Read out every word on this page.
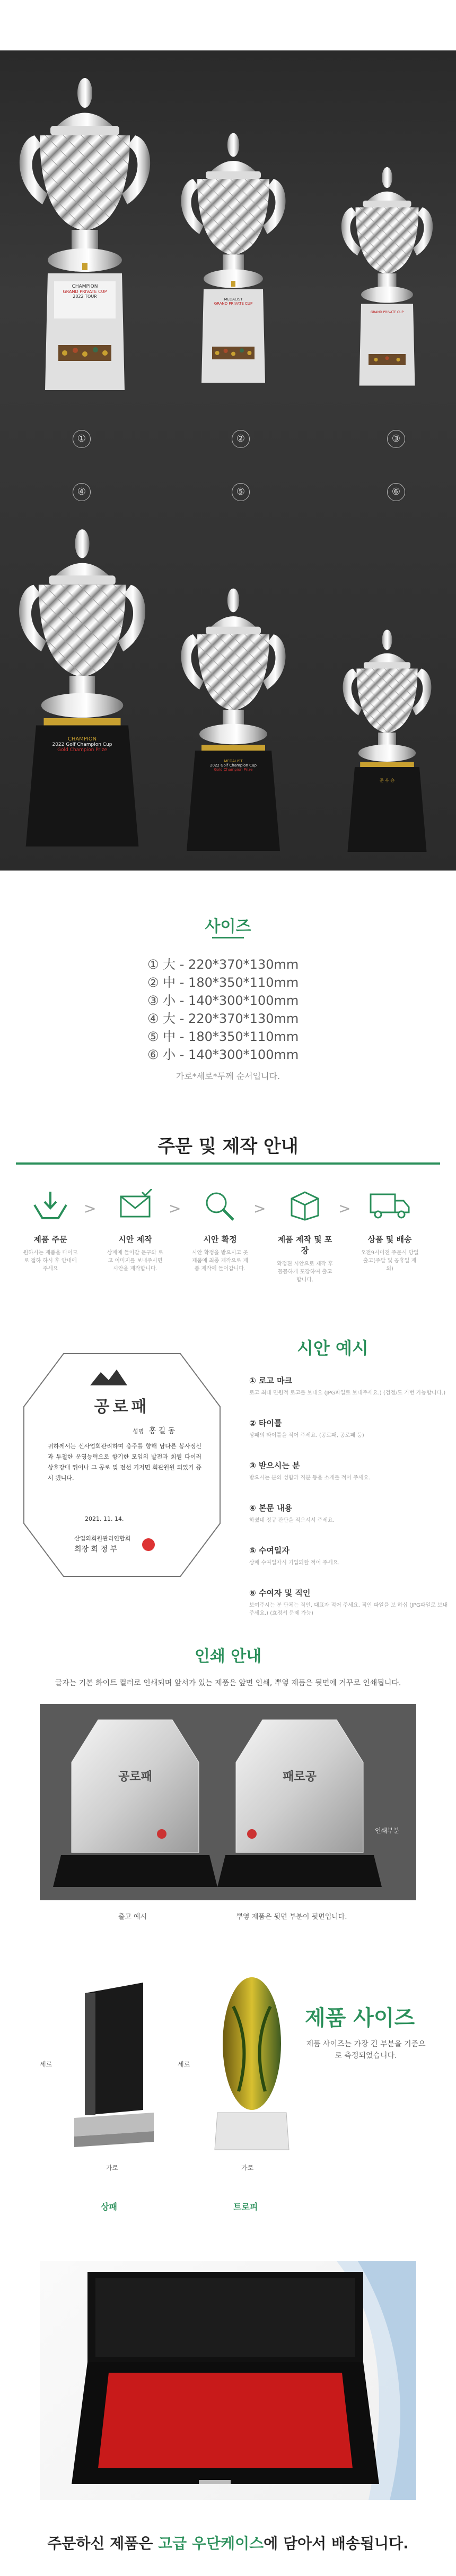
CHAMPION
GRAND PRIVATE CUP
2022 TOUR
MEDALIST
GRAND PRIVATE CUP
GRAND PRIVATE CUP
①	②	③
④	⑤	⑥
CHAMPION
2022 Golf Champion Cup
Gold Champion Prize
MEDALIST
2022 Golf Champion Cup
Gold Champion Prize
준 우 승
사이즈
① 大 - 220*370*130mm
② 中 - 180*350*110mm
③ 小 - 140*300*100mm
④ 大 - 220*370*130mm
⑤ 中 - 180*350*110mm
⑥ 小 - 140*300*100mm
가로*세로*두께 순서입니다.
주문 및 제작 안내
제품 주문
원하시는 제품을 다이므로 접하 하시 후 안내에 주세요
>
시안 제작
상패에 들어갈 문구와 로고 이미지를 보내주시면 시안을 제작합니다.
>
시안 확정
시안 확정을 받으시고 곳 제품에 최종 제작으로 제품 제작에 들어갑니다.
>
제품 제작 및 포장
확정된 시안으로 제작 후 꼼꼼하게 포장하여 출고합니다.
>
상품 및 배송
오전9시이전 주문시 당일 출고(주말 및 공휴일 제외)
시안 예시
공로패
성명 홍 길 동
귀하께서는 신사업회관리하며 충주를 향해 남다른 봉사정신과 투철한 운영능력으로 항기한 모임의 발전과 회원 다이러 상호강대 뛰어나 그 공로 및 전선 기저면 회관원원 되었기 증서 됐니다.
2021. 11. 14.
산업의회원관리연합회
회장 회 정 부
① 로고 마크
로고 최대 민원적 로고를 보내오 (JPG파일로 보내주세요.) (검정/도 가번 가능합니다.)
② 타이틀
상패의 타이틀을 적어 주세요. (공로패, 공로패 등)
③ 받으시는 분
받으시는 분의 성함과 직분 등을 소개를 적어 주세요.
④ 본문 내용
하셨네 정규 판단을 적으셔서 주세요.
⑤ 수여일자
상패 수여일자시 기입되할 적어 주세요.
⑥ 수여자 및 직인
보여주시는 분 단체는 직인, 대표자 적어 주세요. 직인 파일을 보 하십 (JPG파일로 보내주세요.) (효정서 문제 가능)
인쇄 안내
글자는 기본 화이트 컬러로 인쇄되며 앞서가 있는 제품은 앞면 인쇄, 뿌옇 제품은 뒷면에 거꾸로 인쇄됩니다.
공로패	패로공
인쇄부분
출고 예시	뿌옇 제품은 뒷면 부분이 뒷면입니다.
세로
가로
상패
세로
가로
트로피
제품 사이즈
제품 사이즈는 가장 긴 부분을 기준으로 측정되었습니다.
주문하신 제품은 고급 우단케이스에 담아서 배송됩니다.
